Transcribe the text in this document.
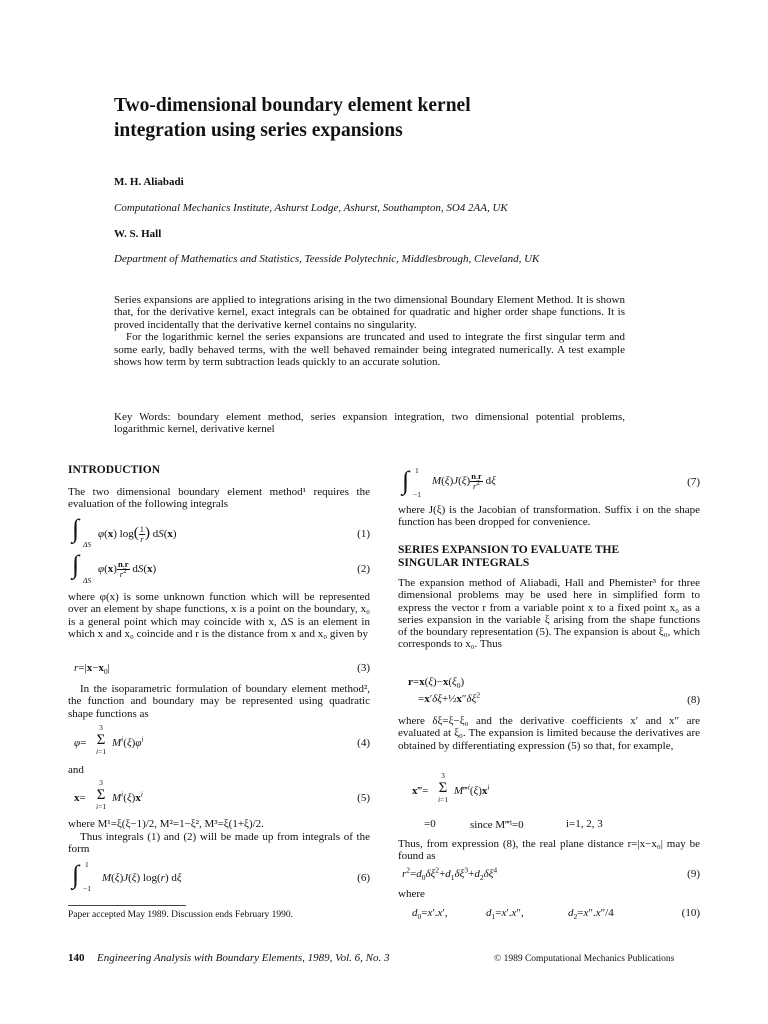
Two-dimensional boundary element kernel
integration using series expansions
M. H. Aliabadi
Computational Mechanics Institute, Ashurst Lodge, Ashurst, Southampton, SO4 2AA, UK
W. S. Hall
Department of Mathematics and Statistics, Teesside Polytechnic, Middlesbrough, Cleveland, UK

Series expansions are applied to integrations arising in the two dimensional Boundary Element Method. It is shown that, for the derivative kernel, exact integrals can be obtained for quadratic and higher order shape functions. It is proved incidentally that the derivative kernel contains no singularity.

For the logarithmic kernel the series expansions are truncated and used to integrate the first singular term and some early, badly behaved terms, with the well behaved remainder being integrated numerically. A test example shows how term by term subtraction leads quickly to an accurate solution.

Key Words: boundary element method, series expansion integration, two dimensional potential problems, logarithmic kernel, derivative kernel
INTRODUCTION
The two dimensional boundary element method¹ requires the evaluation of the following integrals
∫
ΔS
φ(x) $\log( \frac{1}{r}$ ) dS(x)	(1)
∫
ΔS
$\varphi(x) \frac{n.r}{r^2} dS(x)$	(2)
where φ(x) is some unknown function which will be represented over an element by shape functions, x is a point on the boundary, x₀ is a general point which may coincide with x, ΔS is an element in which x and x₀ coincide and r is the distance from x and x₀ given by
$r=|x-x_0|$	(3)
In the isoparametric formulation of boundary element method², the function and boundary may be represented using quadratic shape functions as
φ=
3
Σ
i=1
$M^i(\xi)\varphi^i$	(4)
and
x=
3
Σ
i=1
$M^i(\xi)x^i$	(5)
where M¹=ξ(ξ−1)/2, M²=1−ξ², M³=ξ(1+ξ)/2.
Thus integrals (1) and (2) will be made up from integrals of the form
∫ 1
−1
M(ξ)J(ξ) log(r) dξ	(6)
Paper accepted May 1989. Discussion ends February 1990.
∫ 1
−1
$M(\xi)J(\xi) \frac{n.r}{r^2}$ dξ	(7)
where J(ξ) is the Jacobian of transformation. Suffix i on the shape function has been dropped for convenience.
SERIES EXPANSION TO EVALUATE THE
SINGULAR INTEGRALS
The expansion method of Aliabadi, Hall and Phemister³ for three dimensional problems may be used here in simplified form to express the vector r from a variable point x to a fixed point x₀ as a series expansion in the variable ξ arising from the shape functions of the boundary representation (5). The expansion is about ξ₀, which corresponds to x₀. Thus
$r=x(\xi)-x(\xi_0)$
$=x'\delta\xi+\frac{1}{2}x''\delta\xi^2$	(8)
where δξ=ξ−ξ₀ and the derivative coefficients x′ and x″ are evaluated at ξ₀. The expansion is limited because the derivatives are obtained by differentiating expression (5) so that, for example,
x‴=
3
Σ
i=1
$M‴^i(\xi)x^i$
=0	since M‴ⁱ=0	i=1, 2, 3
Thus, from expression (8), the real plane distance r=|x−x₀| may be found as
$r^2=d_0\delta\xi^2+d_1\delta\xi^3+d_2\delta\xi^4$	(9)
where
$d_0=x'.x'$,	$d_1=x'.x''$,	$d_2=x''.x''/4$	(10)
140 Engineering Analysis with Boundary Elements, 1989, Vol. 6, No. 3	© 1989 Computational Mechanics Publications
